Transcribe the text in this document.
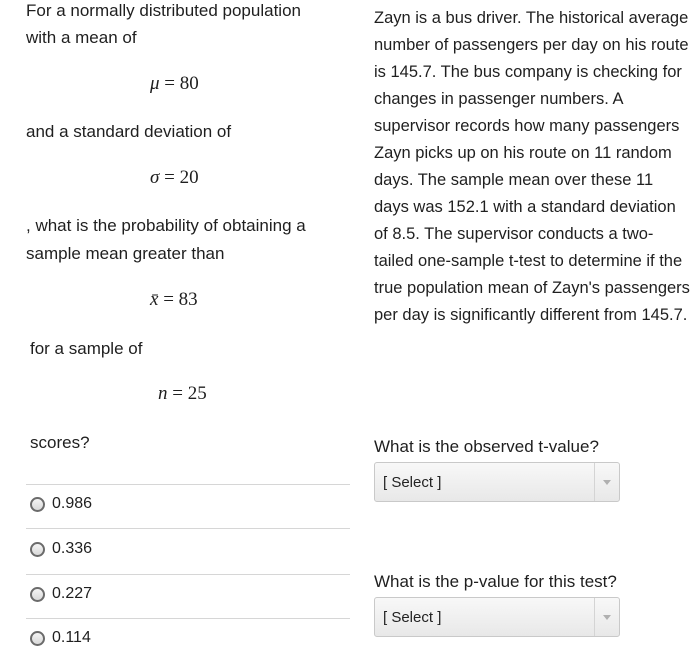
For a normally distributed population
with a mean of
μ = 80
and a standard deviation of
σ = 20
, what is the probability of obtaining a
sample mean greater than
x̄ = 83
for a sample of
n = 25
scores?
0.986
0.336
0.227
0.114

Zayn is a bus driver. The historical average number of passengers per day on his route is 145.7. The bus company is checking for changes in passenger numbers. A supervisor records how many passengers Zayn picks up on his route on 11 random days. The sample mean over these 11 days was 152.1 with a standard deviation of 8.5. The supervisor conducts a two-tailed one-sample t-test to determine if the true population mean of Zayn's passengers per day is significantly different from 145.7.

What is the observed t-value?
[ Select ]
What is the p-value for this test?
[ Select ]
